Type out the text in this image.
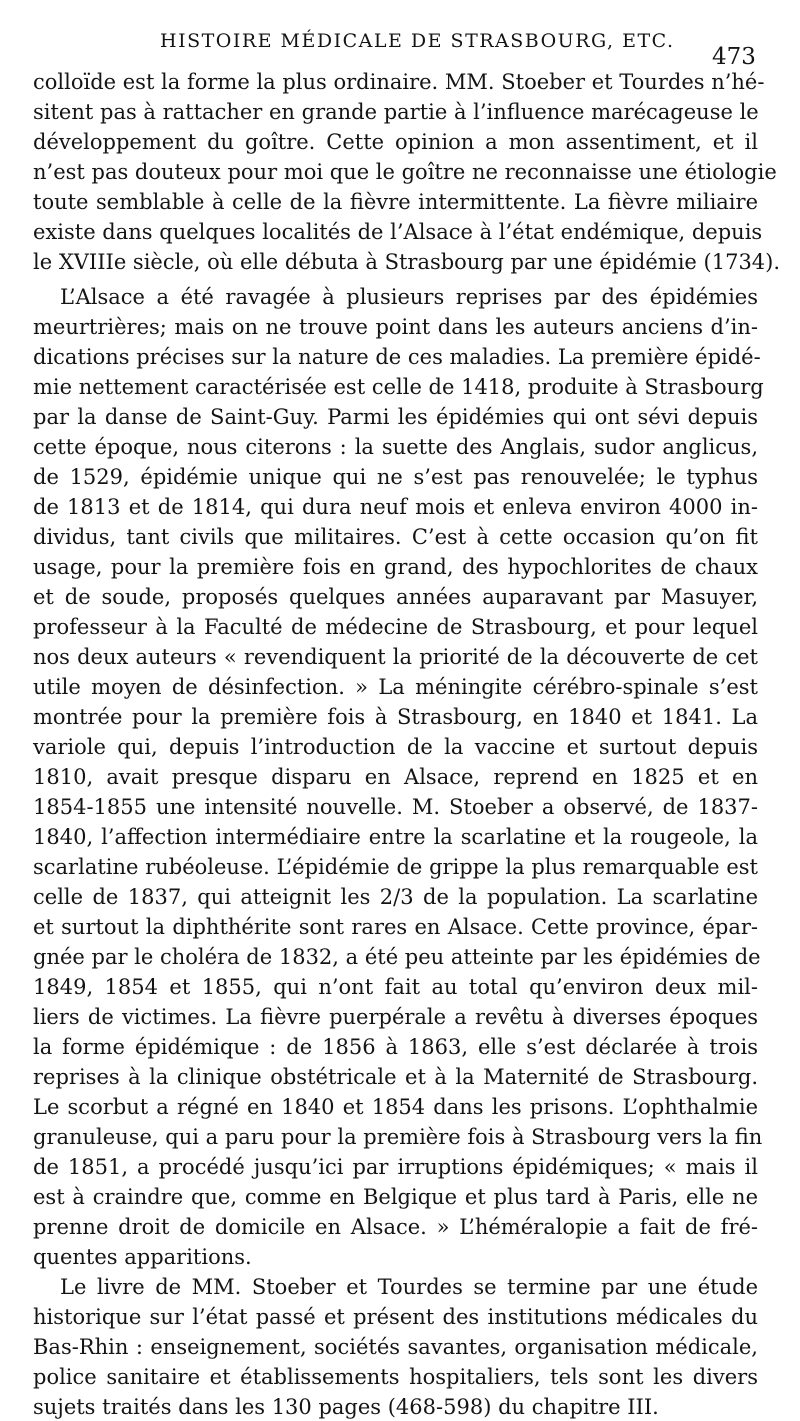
HISTOIRE MÉDICALE DE STRASBOURG, ETC.
473
colloïde est la forme la plus ordinaire. MM. Stoeber et Tourdes n’hé-
sitent pas à rattacher en grande partie à l’influence marécageuse le
développement du goître. Cette opinion a mon assentiment, et il
n’est pas douteux pour moi que le goître ne reconnaisse une étiologie
toute semblable à celle de la fièvre intermittente. La fièvre miliaire
existe dans quelques localités de l’Alsace à l’état endémique, depuis
le XVIIIe siècle, où elle débuta à Strasbourg par une épidémie (1734).
L’Alsace a été ravagée à plusieurs reprises par des épidémies
meurtrières; mais on ne trouve point dans les auteurs anciens d’in-
dications précises sur la nature de ces maladies. La première épidé-
mie nettement caractérisée est celle de 1418, produite à Strasbourg
par la danse de Saint-Guy. Parmi les épidémies qui ont sévi depuis
cette époque, nous citerons : la suette des Anglais, sudor anglicus,
de 1529, épidémie unique qui ne s’est pas renouvelée; le typhus
de 1813 et de 1814, qui dura neuf mois et enleva environ 4000 in-
dividus, tant civils que militaires. C’est à cette occasion qu’on fit
usage, pour la première fois en grand, des hypochlorites de chaux
et de soude, proposés quelques années auparavant par Masuyer,
professeur à la Faculté de médecine de Strasbourg, et pour lequel
nos deux auteurs « revendiquent la priorité de la découverte de cet
utile moyen de désinfection. » La méningite cérébro-spinale s’est
montrée pour la première fois à Strasbourg, en 1840 et 1841. La
variole qui, depuis l’introduction de la vaccine et surtout depuis
1810, avait presque disparu en Alsace, reprend en 1825 et en
1854-1855 une intensité nouvelle. M. Stoeber a observé, de 1837-
1840, l’affection intermédiaire entre la scarlatine et la rougeole, la
scarlatine rubéoleuse. L’épidémie de grippe la plus remarquable est
celle de 1837, qui atteignit les 2/3 de la population. La scarlatine
et surtout la diphthérite sont rares en Alsace. Cette province, épar-
gnée par le choléra de 1832, a été peu atteinte par les épidémies de
1849, 1854 et 1855, qui n’ont fait au total qu’environ deux mil-
liers de victimes. La fièvre puerpérale a revêtu à diverses époques
la forme épidémique : de 1856 à 1863, elle s’est déclarée à trois
reprises à la clinique obstétricale et à la Maternité de Strasbourg.
Le scorbut a régné en 1840 et 1854 dans les prisons. L’ophthalmie
granuleuse, qui a paru pour la première fois à Strasbourg vers la fin
de 1851, a procédé jusqu’ici par irruptions épidémiques; « mais il
est à craindre que, comme en Belgique et plus tard à Paris, elle ne
prenne droit de domicile en Alsace. » L’héméralopie a fait de fré-
quentes apparitions.
Le livre de MM. Stoeber et Tourdes se termine par une étude
historique sur l’état passé et présent des institutions médicales du
Bas-Rhin : enseignement, sociétés savantes, organisation médicale,
police sanitaire et établissements hospitaliers, tels sont les divers
sujets traités dans les 130 pages (468-598) du chapitre III.
